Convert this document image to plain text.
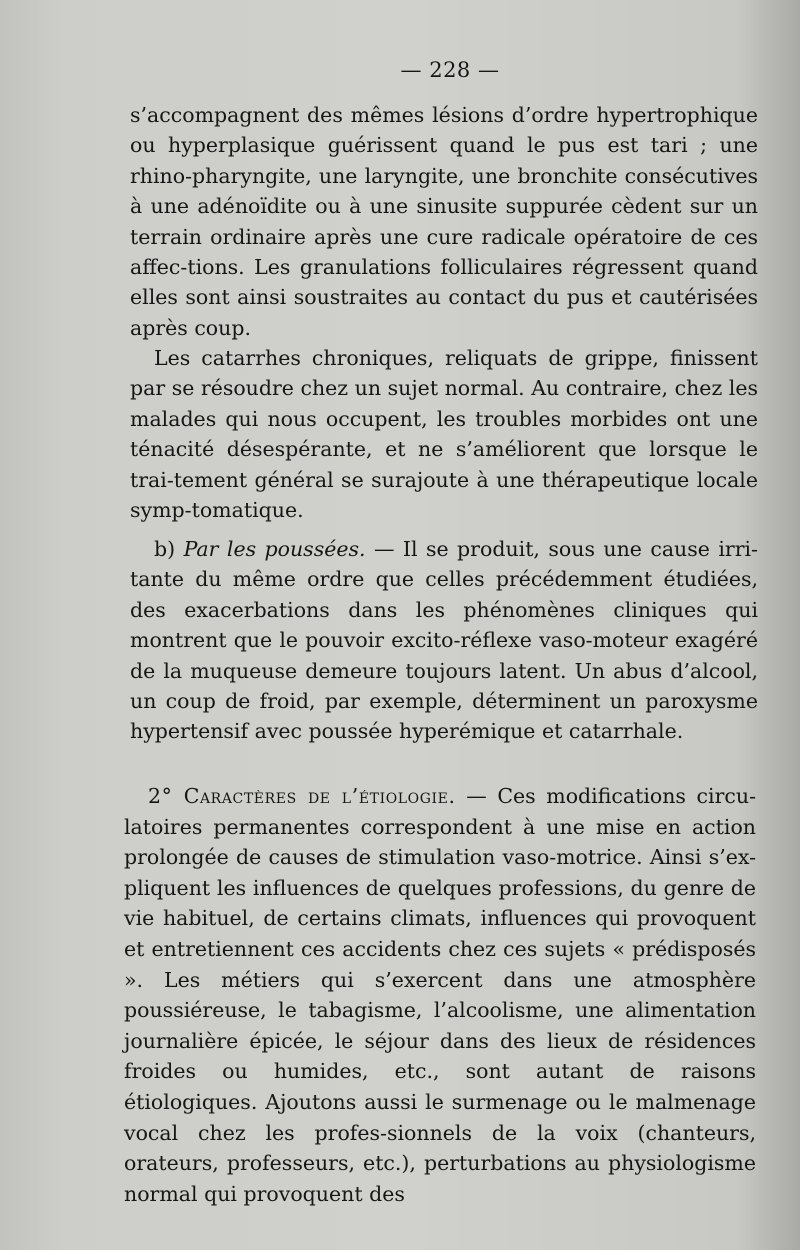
— 228 —

s’accompagnent des mêmes lésions d’ordre hypertrophique ou hyperplasique guérissent quand le pus est tari ; une rhino-pharyngite, une laryngite, une bronchite consécutives à une adénoïdite ou à une sinusite suppurée cèdent sur un terrain ordinaire après une cure radicale opératoire de ces affec-tions. Les granulations folliculaires régressent quand elles sont ainsi soustraites au contact du pus et cautérisées après coup.

Les catarrhes chroniques, reliquats de grippe, finissent par se résoudre chez un sujet normal. Au contraire, chez les malades qui nous occupent, les troubles morbides ont une ténacité désespérante, et ne s’améliorent que lorsque le trai-tement général se surajoute à une thérapeutique locale symp-tomatique.

b) Par les poussées. — Il se produit, sous une cause irri-tante du même ordre que celles précédemment étudiées, des exacerbations dans les phénomènes cliniques qui montrent que le pouvoir excito-réflexe vaso-moteur exagéré de la muqueuse demeure toujours latent. Un abus d’alcool, un coup de froid, par exemple, déterminent un paroxysme hypertensif avec poussée hyperémique et catarrhale.

2° Caractères de l’étiologie. — Ces modifications circu-latoires permanentes correspondent à une mise en action prolongée de causes de stimulation vaso-motrice. Ainsi s’ex-pliquent les influences de quelques professions, du genre de vie habituel, de certains climats, influences qui provoquent et entretiennent ces accidents chez ces sujets « prédisposés ». Les métiers qui s’exercent dans une atmosphère poussiéreuse, le tabagisme, l’alcoolisme, une alimentation journalière épicée, le séjour dans des lieux de résidences froides ou humides, etc., sont autant de raisons étiologiques. Ajoutons aussi le surmenage ou le malmenage vocal chez les profes-sionnels de la voix (chanteurs, orateurs, professeurs, etc.), perturbations au physiologisme normal qui provoquent des
